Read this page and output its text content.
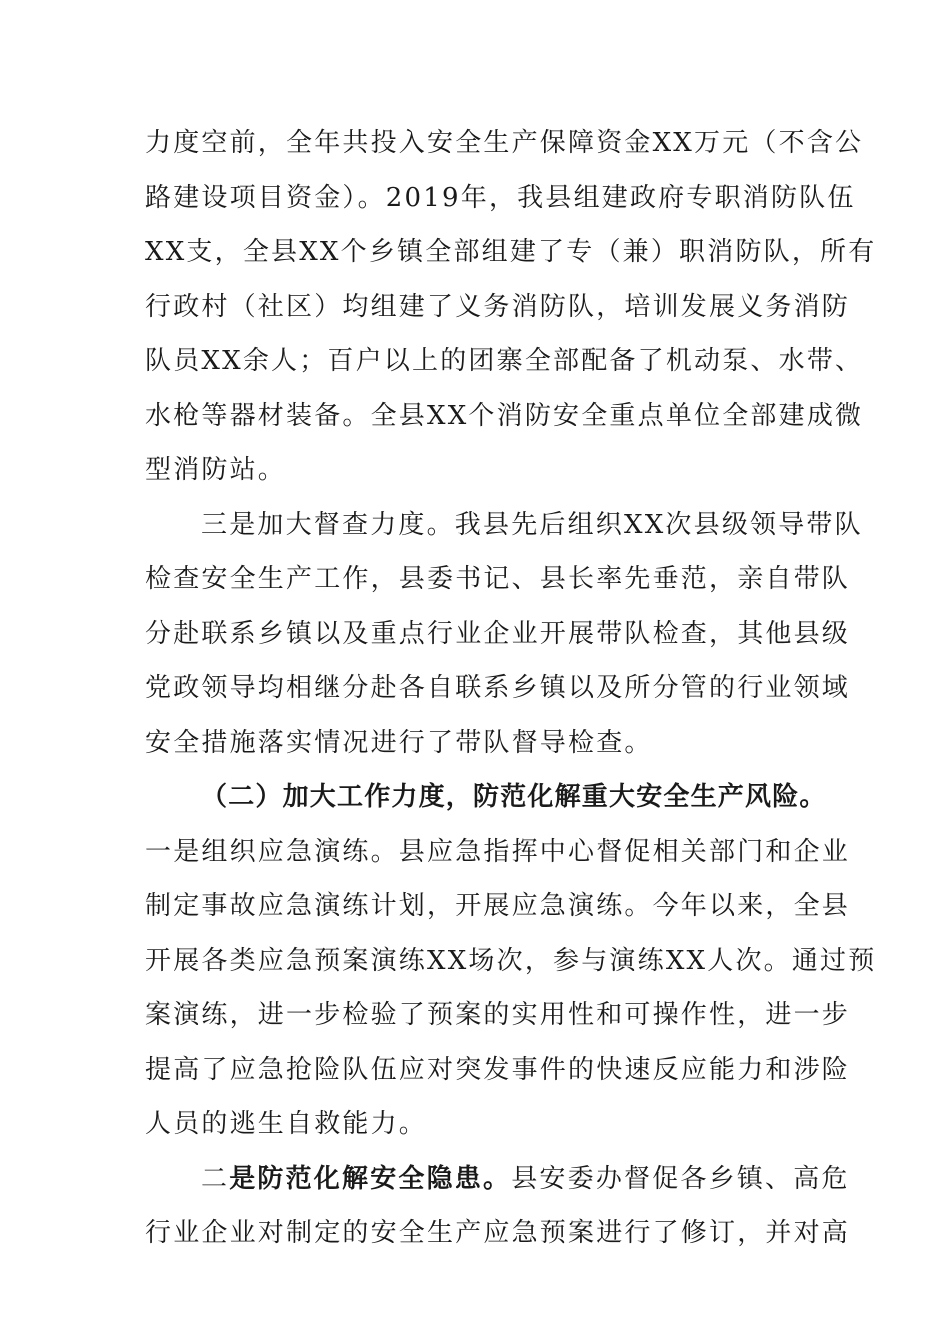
力度空前，全年共投入安全生产保障资金XX万元（不含公
路建设项目资金）。2019年，我县组建政府专职消防队伍
XX支，全县XX个乡镇全部组建了专（兼）职消防队，所有
行政村（社区）均组建了义务消防队，培训发展义务消防
队员XX余人；百户以上的团寨全部配备了机动泵、水带、
水枪等器材装备。全县XX个消防安全重点单位全部建成微
型消防站。
三是加大督查力度。我县先后组织XX次县级领导带队
检查安全生产工作，县委书记、县长率先垂范，亲自带队
分赴联系乡镇以及重点行业企业开展带队检查，其他县级
党政领导均相继分赴各自联系乡镇以及所分管的行业领域
安全措施落实情况进行了带队督导检查。
（二）加大工作力度，防范化解重大安全生产风险。
一是组织应急演练。县应急指挥中心督促相关部门和企业
制定事故应急演练计划，开展应急演练。今年以来，全县
开展各类应急预案演练XX场次，参与演练XX人次。通过预
案演练，进一步检验了预案的实用性和可操作性，进一步
提高了应急抢险队伍应对突发事件的快速反应能力和涉险
人员的逃生自救能力。
二是防范化解安全隐患。县安委办督促各乡镇、高危
行业企业对制定的安全生产应急预案进行了修订，并对高
